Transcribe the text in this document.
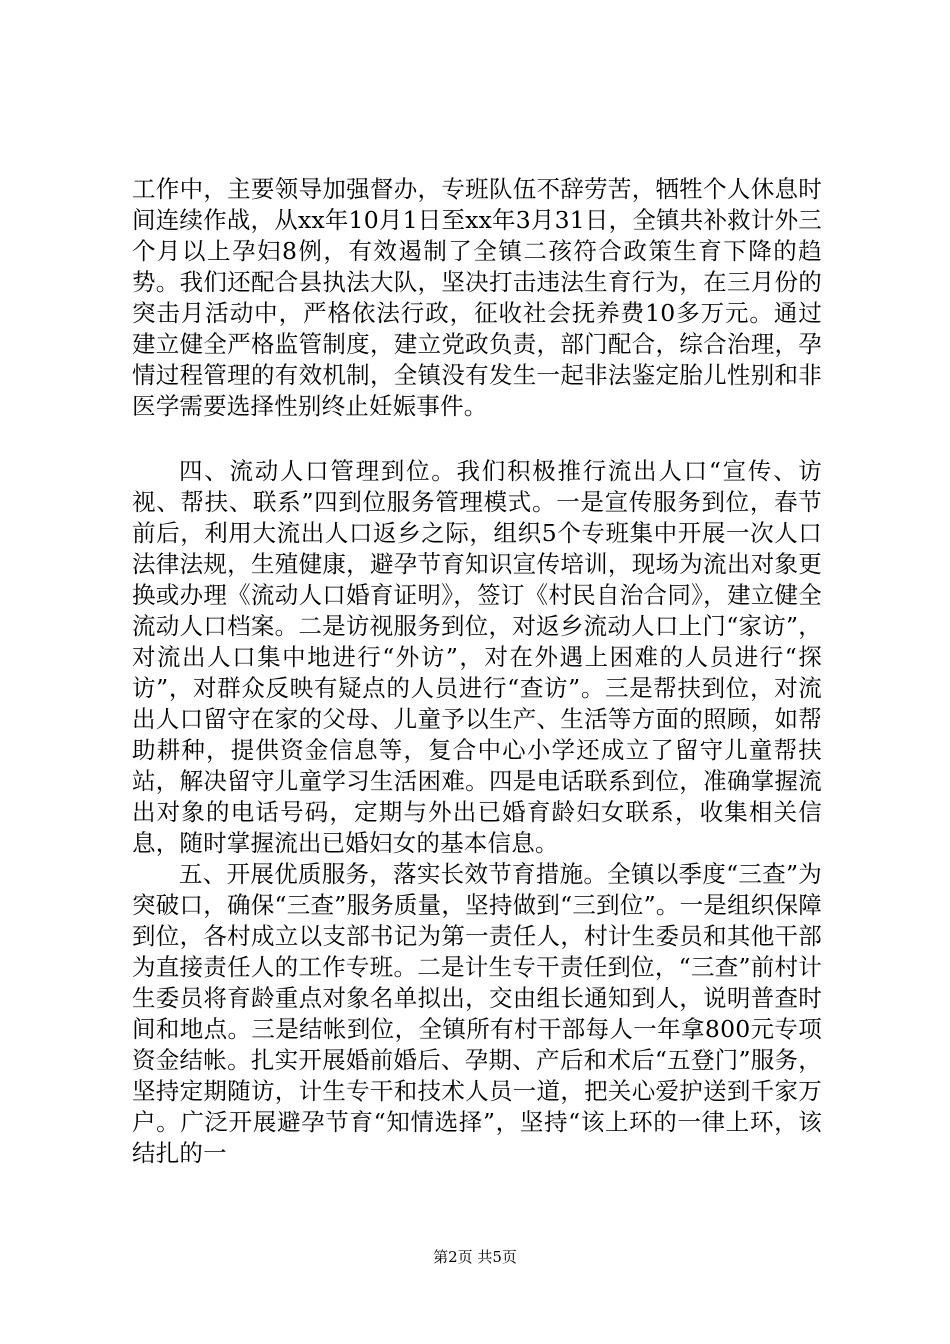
工作中，主要领导加强督办，专班队伍不辞劳苦，牺牲个人休息时间连续作战，从xx年10月1日至xx年3月31日，全镇共补救计外三个月以上孕妇8例，有效遏制了全镇二孩符合政策生育下降的趋势。我们还配合县执法大队，坚决打击违法生育行为，在三月份的突击月活动中，严格依法行政，征收社会抚养费10多万元。通过建立健全严格监管制度，建立党政负责，部门配合，综合治理，孕情过程管理的有效机制，全镇没有发生一起非法鉴定胎儿性别和非医学需要选择性别终止妊娠事件。

四、流动人口管理到位。我们积极推行流出人口“宣传、访视、帮扶、联系”四到位服务管理模式。一是宣传服务到位，春节前后，利用大流出人口返乡之际，组织5个专班集中开展一次人口法律法规，生殖健康，避孕节育知识宣传培训，现场为流出对象更换或办理《流动人口婚育证明》，签订《村民自治合同》，建立健全流动人口档案。二是访视服务到位，对返乡流动人口上门“家访”，对流出人口集中地进行“外访”，对在外遇上困难的人员进行“探访”，对群众反映有疑点的人员进行“查访”。三是帮扶到位，对流出人口留守在家的父母、儿童予以生产、生活等方面的照顾，如帮助耕种，提供资金信息等，复合中心小学还成立了留守儿童帮扶站，解决留守儿童学习生活困难。四是电话联系到位，准确掌握流出对象的电话号码，定期与外出已婚育龄妇女联系，收集相关信息，随时掌握流出已婚妇女的基本信息。

五、开展优质服务，落实长效节育措施。全镇以季度“三查”为突破口，确保“三查”服务质量，坚持做到“三到位”。一是组织保障到位，各村成立以支部书记为第一责任人，村计生委员和其他干部为直接责任人的工作专班。二是计生专干责任到位，“三查”前村计生委员将育龄重点对象名单拟出，交由组长通知到人，说明普查时间和地点。三是结帐到位，全镇所有村干部每人一年拿800元专项资金结帐。扎实开展婚前婚后、孕期、产后和术后“五登门”服务，坚持定期随访，计生专干和技术人员一道，把关心爱护送到千家万户。广泛开展避孕节育“知情选择”，坚持“该上环的一律上环，该结扎的一

第2页 共5页
